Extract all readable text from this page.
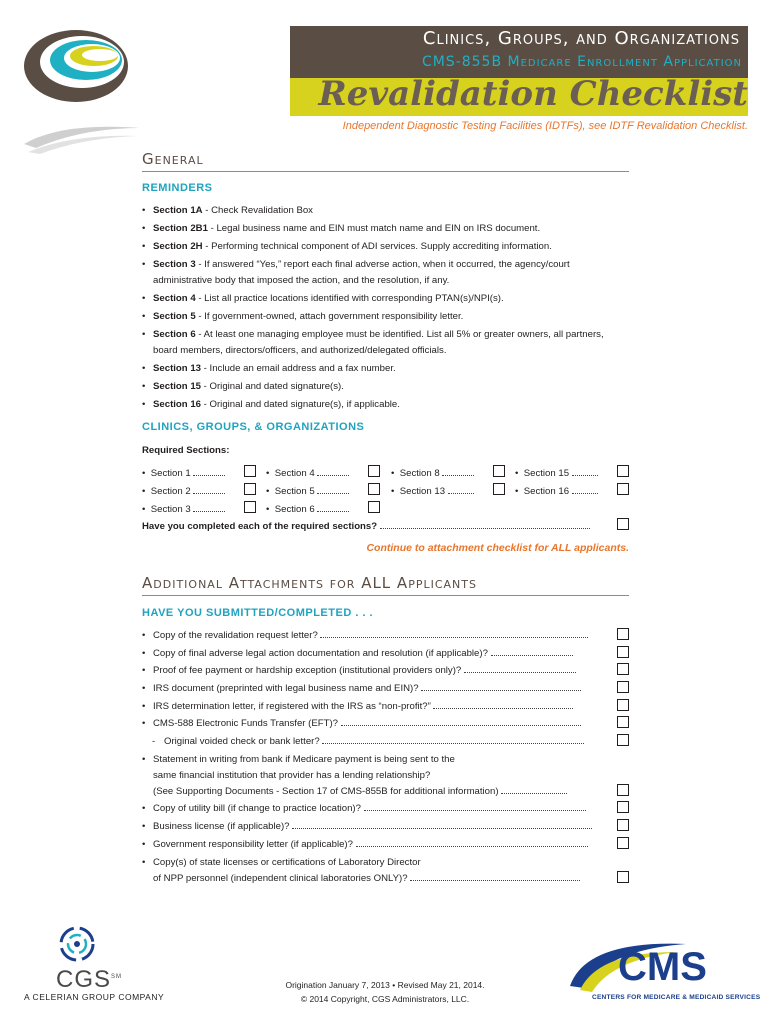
Clinics, Groups, and Organizations
CMS-855B Medicare Enrollment Application
Revalidation Checklist
Independent Diagnostic Testing Facilities (IDTFs), see IDTF Revalidation Checklist.
General
REMINDERS
• Section 1A - Check Revalidation Box
• Section 2B1 - Legal business name and EIN must match name and EIN on IRS document.
• Section 2H - Performing technical component of ADI services. Supply accrediting information.
• Section 3 - If answered “Yes,” report each final adverse action, when it occurred, the agency/court administrative body that imposed the action, and the resolution, if any.
• Section 4 - List all practice locations identified with corresponding PTAN(s)/NPI(s).
• Section 5 - If government-owned, attach government responsibility letter.
• Section 6 - At least one managing employee must be identified. List all 5% or greater owners, all partners, board members, directors/officers, and authorized/delegated officials.
• Section 13 - Include an email address and a fax number.
• Section 15 - Original and dated signature(s).
• Section 16 - Original and dated signature(s), if applicable.
CLINICS, GROUPS, & ORGANIZATIONS
Required Sections:
•  Section 1	•  Section 4	•  Section 8	•  Section 15
•  Section 2	•  Section 5	•  Section 13	•  Section 16
•  Section 3	•  Section 6
Have you completed each of the required sections?
Continue to attachment checklist for ALL applicants.
Additional Attachments for ALL Applicants
HAVE YOU SUBMITTED/COMPLETED . . .
• Copy of the revalidation request letter?
• Copy of final adverse legal action documentation and resolution (if applicable)?
• Proof of fee payment or hardship exception (institutional providers only)?
• IRS document (preprinted with legal business name and EIN)?
• IRS determination letter, if registered with the IRS as “non-profit?”
• CMS-588 Electronic Funds Transfer (EFT)?
- Original voided check or bank letter?
• Statement in writing from bank if Medicare payment is being sent to the
same financial institution that provider has a lending relationship?
(See Supporting Documents - Section 17 of CMS-855B for additional information)
• Copy of utility bill (if change to practice location)?
• Business license (if applicable)?
• Government responsibility letter (if applicable)?
• Copy(s) of state licenses or certifications of Laboratory Director
of NPP personnel (independent clinical laboratories ONLY)?
CGS℠
A CELERIAN GROUP COMPANY
Origination January 7, 2013 • Revised May 21, 2014.
© 2014 Copyright, CGS Administrators, LLC.
CMS
CENTERS FOR MEDICARE & MEDICAID SERVICES
